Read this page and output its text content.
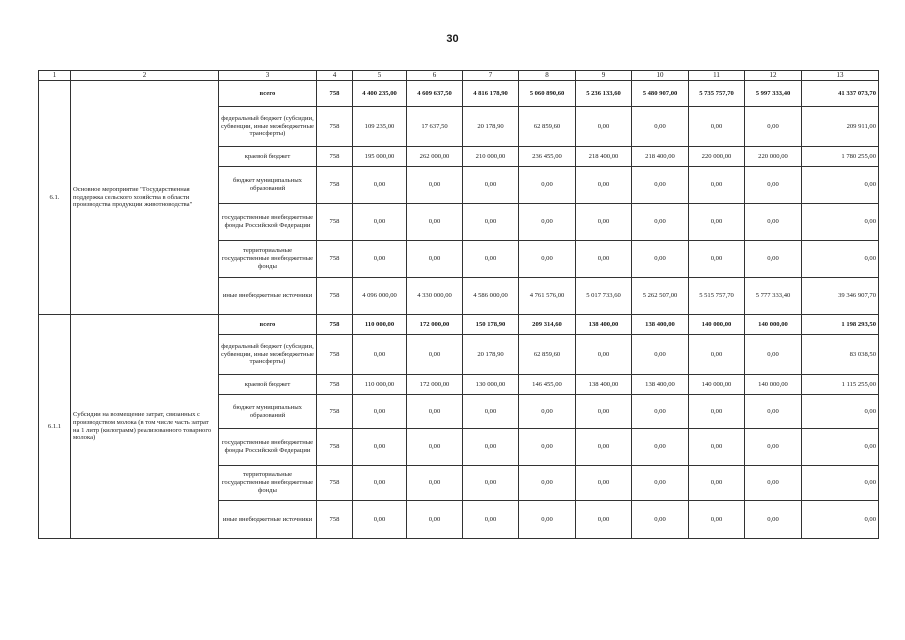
30
1	2	3	4	5	6	7	8	9	10	11	12	13
6.1.	Основное мероприятие "Государственная поддержка сельского хозяйства в области производства продукции животноводства"	всего	758	4 400 235,00	4 609 637,50	4 816 178,90	5 060 890,60	5 236 133,60	5 480 907,00	5 735 757,70	5 997 333,40	41 337 073,70
		федеральный бюджет (субсидии, субвенции, иные межбюджетные трансферты)	758	109 235,00	17 637,50	20 178,90	62 859,60	0,00	0,00	0,00	0,00	209 911,00
		краевой бюджет	758	195 000,00	262 000,00	210 000,00	236 455,00	218 400,00	218 400,00	220 000,00	220 000,00	1 780 255,00
		бюджет муниципальных образований	758	0,00	0,00	0,00	0,00	0,00	0,00	0,00	0,00	0,00
		государственные внебюджетные фонды Российской Федерации	758	0,00	0,00	0,00	0,00	0,00	0,00	0,00	0,00	0,00
		территориальные государственные внебюджетные фонды	758	0,00	0,00	0,00	0,00	0,00	0,00	0,00	0,00	0,00
		иные внебюджетные источники	758	4 096 000,00	4 330 000,00	4 586 000,00	4 761 576,00	5 017 733,60	5 262 507,00	5 515 757,70	5 777 333,40	39 346 907,70
6.1.1	Субсидии на возмещение затрат, связанных с производством молока (в том числе часть затрат на 1 литр (килограмм) реализованного товарного молока)	всего	758	110 000,00	172 000,00	150 178,90	209 314,60	138 400,00	138 400,00	140 000,00	140 000,00	1 198 293,50
		федеральный бюджет (субсидии, субвенции, иные межбюджетные трансферты)	758	0,00	0,00	20 178,90	62 859,60	0,00	0,00	0,00	0,00	83 038,50
		краевой бюджет	758	110 000,00	172 000,00	130 000,00	146 455,00	138 400,00	138 400,00	140 000,00	140 000,00	1 115 255,00
		бюджет муниципальных образований	758	0,00	0,00	0,00	0,00	0,00	0,00	0,00	0,00	0,00
		государственные внебюджетные фонды Российской Федерации	758	0,00	0,00	0,00	0,00	0,00	0,00	0,00	0,00	0,00
		территориальные государственные внебюджетные фонды	758	0,00	0,00	0,00	0,00	0,00	0,00	0,00	0,00	0,00
		иные внебюджетные источники	758	0,00	0,00	0,00	0,00	0,00	0,00	0,00	0,00	0,00
